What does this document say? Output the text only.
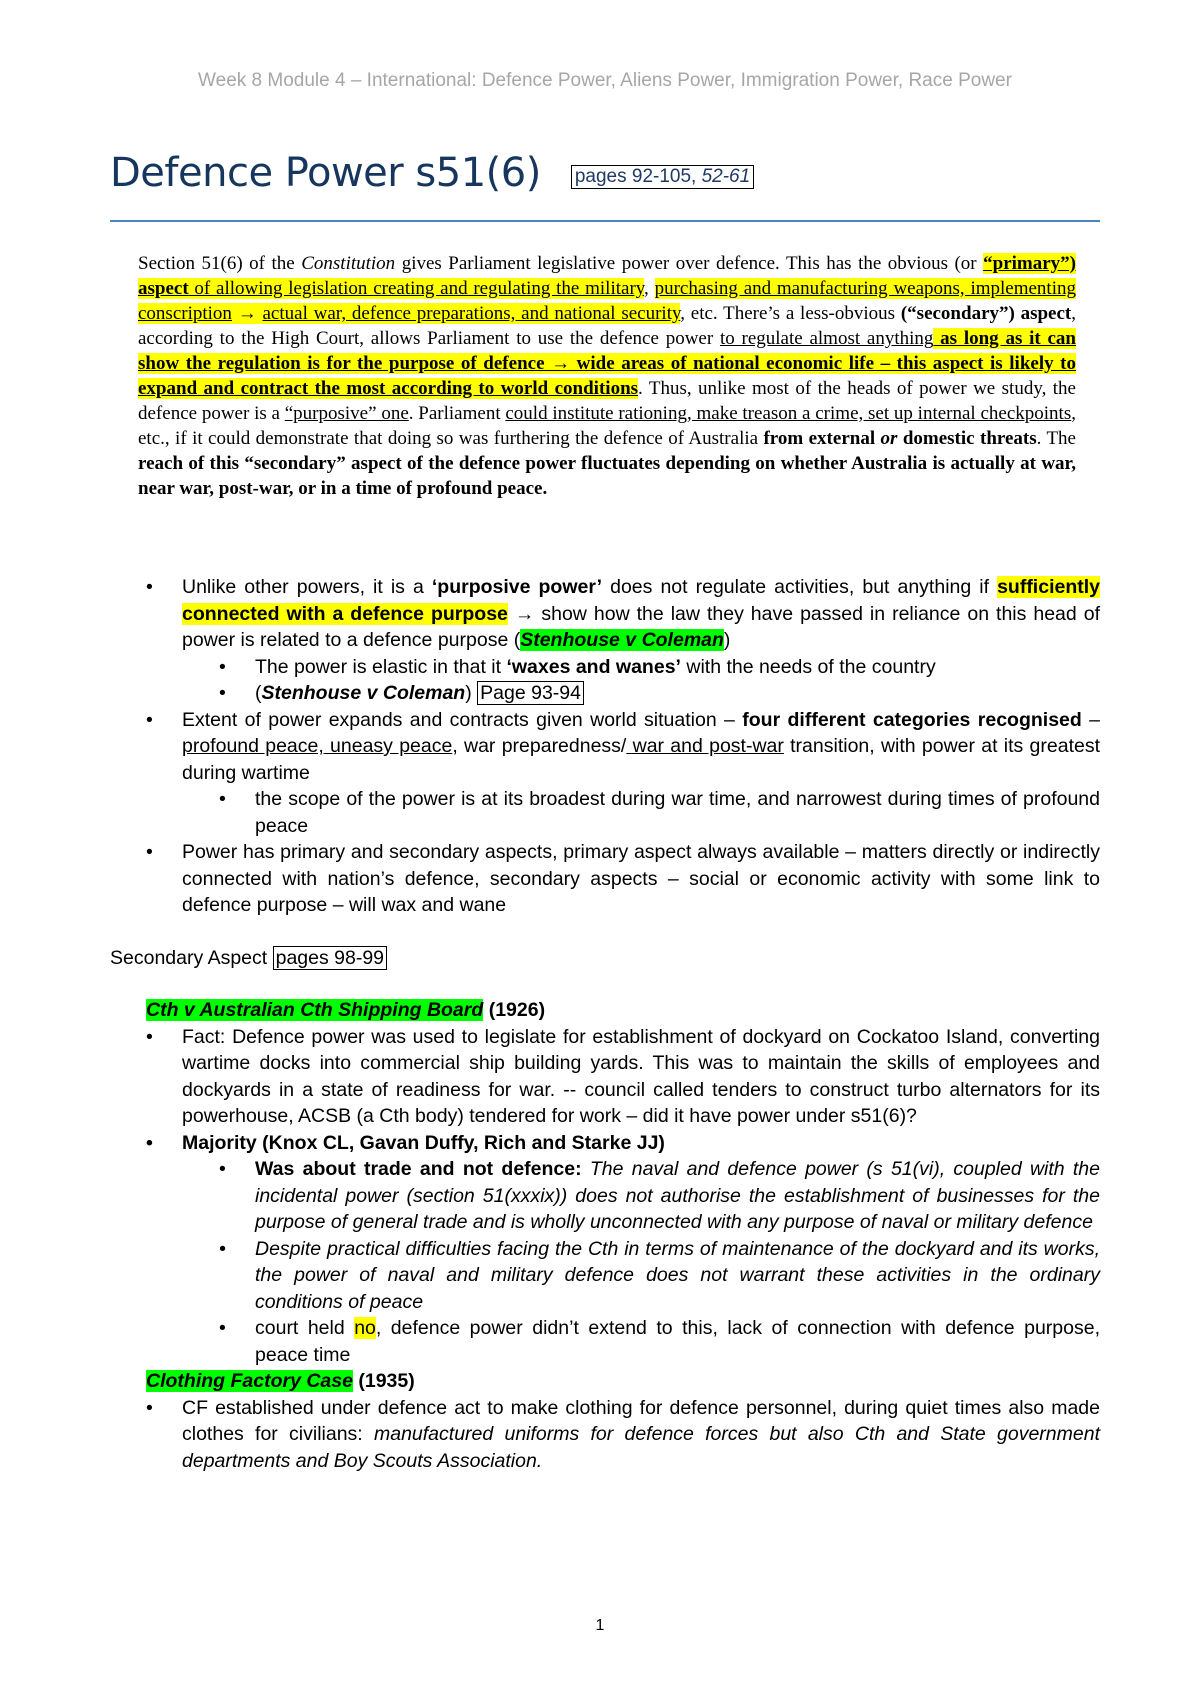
Week 8 Module 4 – International: Defence Power, Aliens Power, Immigration Power, Race Power
Defence Power s51(6) pages 92-105, 52-61
Section 51(6) of the Constitution gives Parliament legislative power over defence. This has the obvious (or “primary”) aspect of allowing legislation creating and regulating the military, purchasing and manufacturing weapons, implementing conscription → actual war, defence preparations, and national security, etc. There’s a less-obvious (“secondary”) aspect, according to the High Court, allows Parliament to use the defence power to regulate almost anything as long as it can show the regulation is for the purpose of defence → wide areas of national economic life – this aspect is likely to expand and contract the most according to world conditions. Thus, unlike most of the heads of power we study, the defence power is a “purposive” one. Parliament could institute rationing, make treason a crime, set up internal checkpoints, etc., if it could demonstrate that doing so was furthering the defence of Australia from external or domestic threats. The reach of this “secondary” aspect of the defence power fluctuates depending on whether Australia is actually at war, near war, post-war, or in a time of profound peace.
• Unlike other powers, it is a ‘purposive power’ does not regulate activities, but anything if sufficiently connected with a defence purpose → show how the law they have passed in reliance on this head of power is related to a defence purpose (Stenhouse v Coleman)
• The power is elastic in that it ‘waxes and wanes’ with the needs of the country
• (Stenhouse v Coleman) Page 93-94
• Extent of power expands and contracts given world situation – four different categories recognised – profound peace, uneasy peace, war preparedness/ war and post-war transition, with power at its greatest during wartime
• the scope of the power is at its broadest during war time, and narrowest during times of profound peace
• Power has primary and secondary aspects, primary aspect always available – matters directly or indirectly connected with nation’s defence, secondary aspects – social or economic activity with some link to defence purpose – will wax and wane
Secondary Aspect pages 98-99
Cth v Australian Cth Shipping Board (1926)
• Fact: Defence power was used to legislate for establishment of dockyard on Cockatoo Island, converting wartime docks into commercial ship building yards. This was to maintain the skills of employees and dockyards in a state of readiness for war. -- council called tenders to construct turbo alternators for its powerhouse, ACSB (a Cth body) tendered for work – did it have power under s51(6)?
• Majority (Knox CL, Gavan Duffy, Rich and Starke JJ)
• Was about trade and not defence: The naval and defence power (s 51(vi), coupled with the incidental power (section 51(xxxix)) does not authorise the establishment of businesses for the purpose of general trade and is wholly unconnected with any purpose of naval or military defence
• Despite practical difficulties facing the Cth in terms of maintenance of the dockyard and its works, the power of naval and military defence does not warrant these activities in the ordinary conditions of peace
• court held no, defence power didn’t extend to this, lack of connection with defence purpose, peace time
Clothing Factory Case (1935)
• CF established under defence act to make clothing for defence personnel, during quiet times also made clothes for civilians: manufactured uniforms for defence forces but also Cth and State government departments and Boy Scouts Association.
1
